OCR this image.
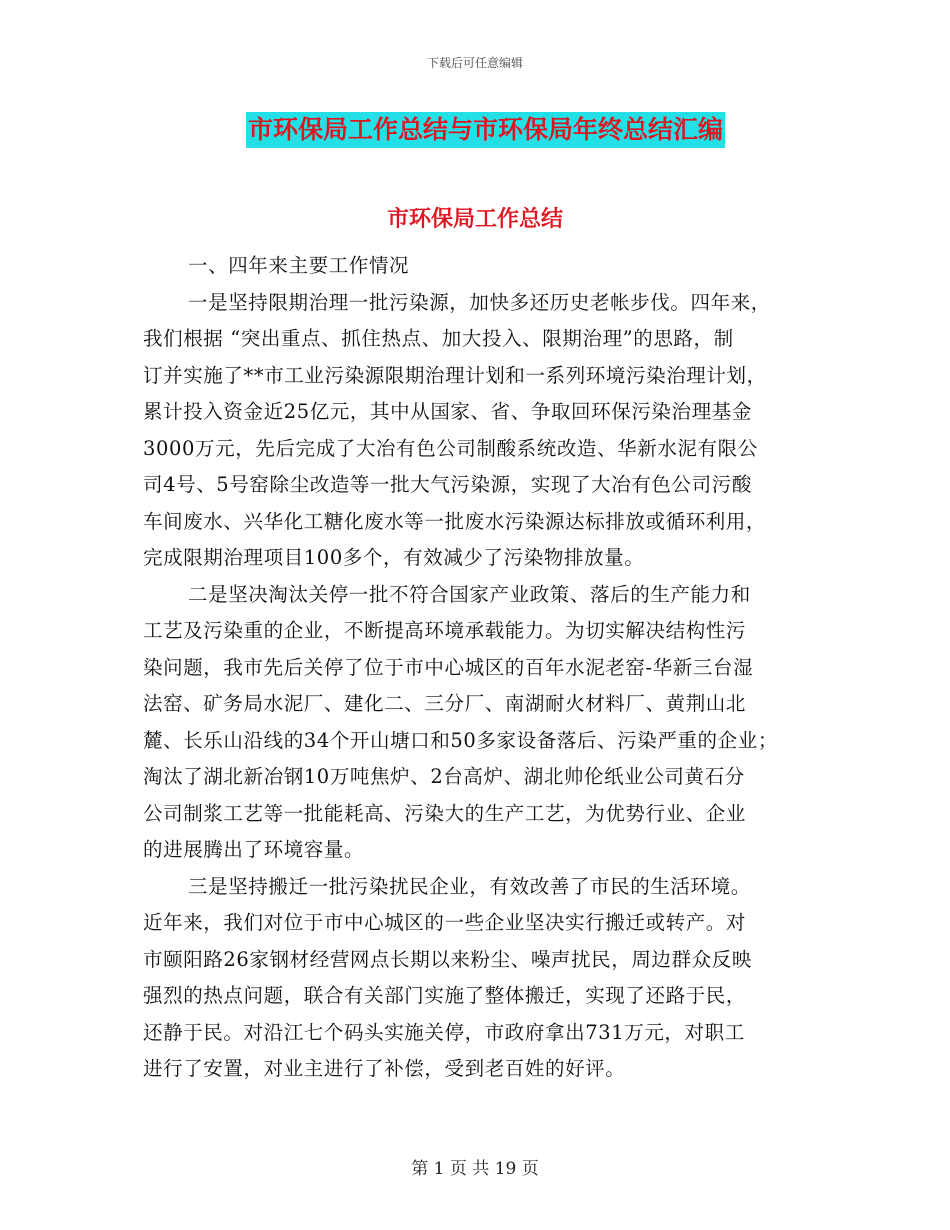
下载后可任意编辑
市环保局工作总结与市环保局年终总结汇编
市环保局工作总结
一、四年来主要工作情况
一是坚持限期治理一批污染源，加快多还历史老帐步伐。四年来，
我们根据 “突出重点、抓住热点、加大投入、限期治理”的思路，制
订并实施了**市工业污染源限期治理计划和一系列环境污染治理计划，
累计投入资金近25亿元，其中从国家、省、争取回环保污染治理基金
3000万元，先后完成了大冶有色公司制酸系统改造、华新水泥有限公
司4号、5号窑除尘改造等一批大气污染源，实现了大冶有色公司污酸
车间废水、兴华化工糖化废水等一批废水污染源达标排放或循环利用，
完成限期治理项目100多个，有效减少了污染物排放量。
二是坚决淘汰关停一批不符合国家产业政策、落后的生产能力和
工艺及污染重的企业，不断提高环境承载能力。为切实解决结构性污
染问题，我市先后关停了位于市中心城区的百年水泥老窑-华新三台湿
法窑、矿务局水泥厂、建化二、三分厂、南湖耐火材料厂、黄荆山北
麓、长乐山沿线的34个开山塘口和50多家设备落后、污染严重的企业；
淘汰了湖北新冶钢10万吨焦炉、2台高炉、湖北帅伦纸业公司黄石分
公司制浆工艺等一批能耗高、污染大的生产工艺，为优势行业、企业
的进展腾出了环境容量。
三是坚持搬迁一批污染扰民企业，有效改善了市民的生活环境。
近年来，我们对位于市中心城区的一些企业坚决实行搬迁或转产。对
市颐阳路26家钢材经营网点长期以来粉尘、噪声扰民，周边群众反映
强烈的热点问题，联合有关部门实施了整体搬迁，实现了还路于民，
还静于民。对沿江七个码头实施关停，市政府拿出731万元，对职工
进行了安置，对业主进行了补偿，受到老百姓的好评。
第 1 页 共 19 页
